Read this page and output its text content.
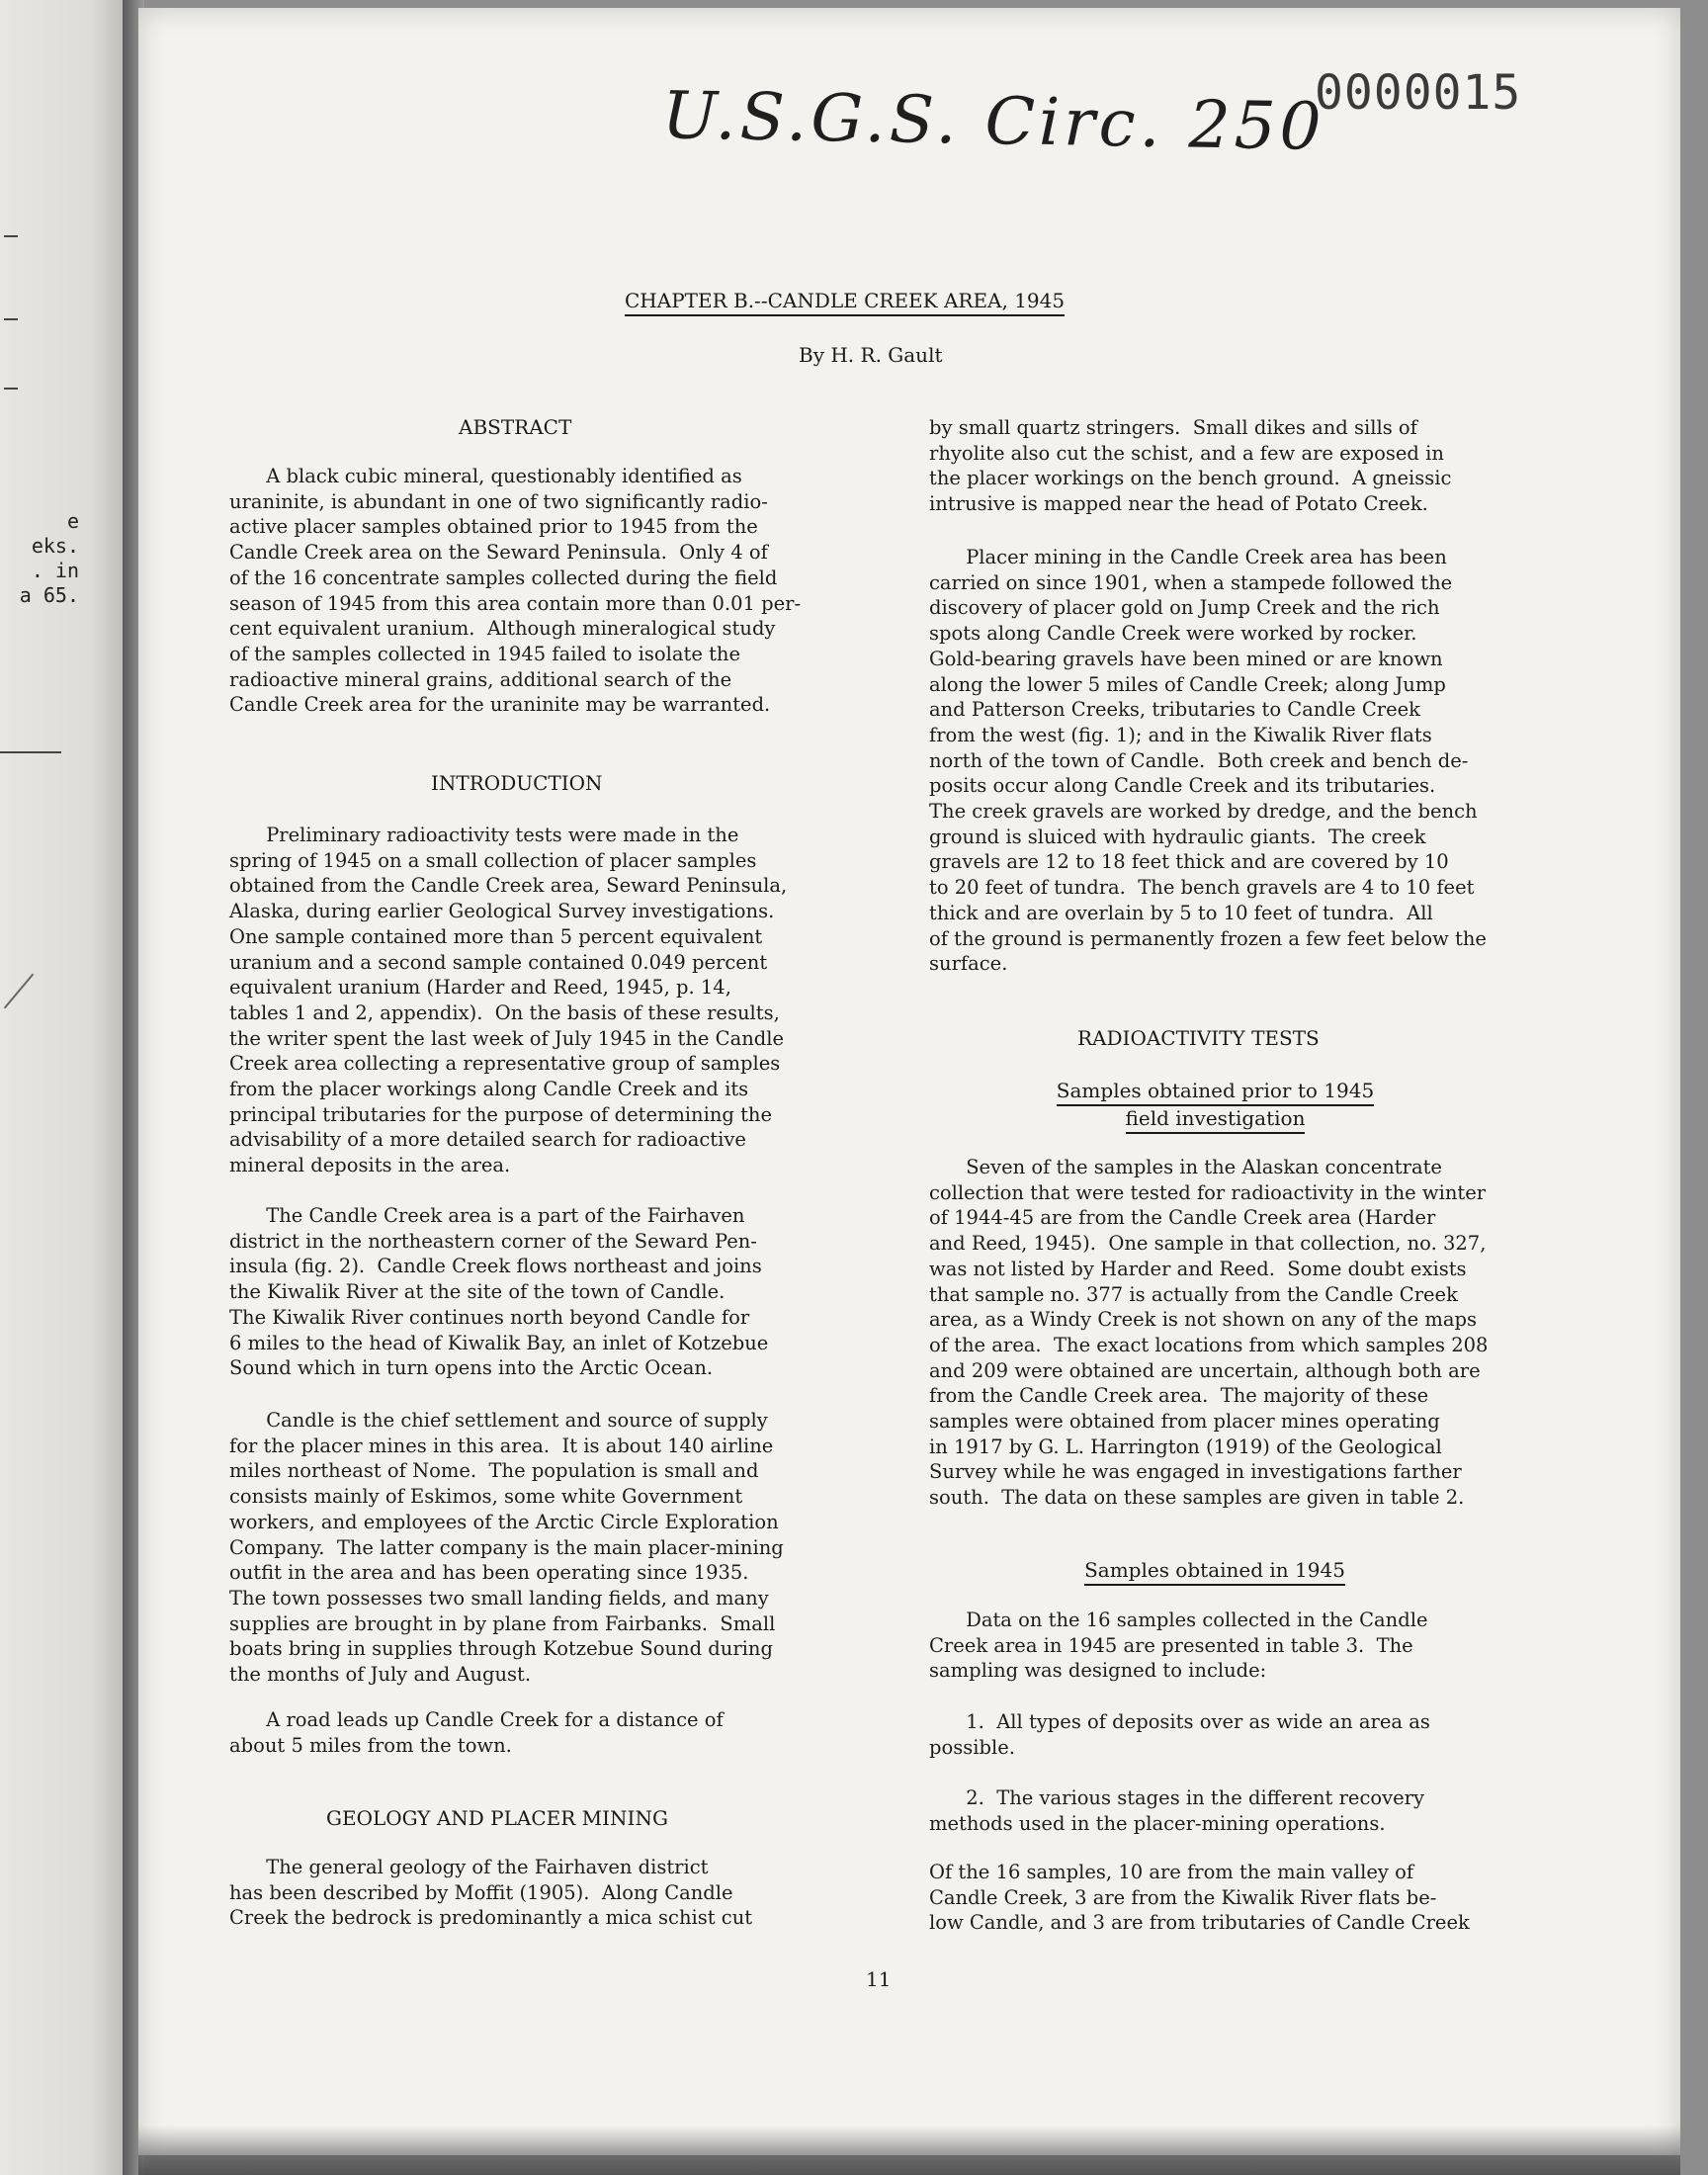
e
eks.
. in
a 65.
U.S.G.S. Circ. 250
0000015
CHAPTER B.--CANDLE CREEK AREA, 1945
By H. R. Gault
ABSTRACT

A black cubic mineral, questionably identified as
uraninite, is abundant in one of two significantly radio-
active placer samples obtained prior to 1945 from the
Candle Creek area on the Seward Peninsula.  Only 4 of
of the 16 concentrate samples collected during the field
season of 1945 from this area contain more than 0.01 per-
cent equivalent uranium.  Although mineralogical study
of the samples collected in 1945 failed to isolate the
radioactive mineral grains, additional search of the
Candle Creek area for the uraninite may be warranted.

INTRODUCTION

Preliminary radioactivity tests were made in the
spring of 1945 on a small collection of placer samples
obtained from the Candle Creek area, Seward Peninsula,
Alaska, during earlier Geological Survey investigations.
One sample contained more than 5 percent equivalent
uranium and a second sample contained 0.049 percent
equivalent uranium (Harder and Reed, 1945, p. 14,
tables 1 and 2, appendix).  On the basis of these results,
the writer spent the last week of July 1945 in the Candle
Creek area collecting a representative group of samples
from the placer workings along Candle Creek and its
principal tributaries for the purpose of determining the
advisability of a more detailed search for radioactive
mineral deposits in the area.

The Candle Creek area is a part of the Fairhaven
district in the northeastern corner of the Seward Pen-
insula (fig. 2).  Candle Creek flows northeast and joins
the Kiwalik River at the site of the town of Candle.
The Kiwalik River continues north beyond Candle for
6 miles to the head of Kiwalik Bay, an inlet of Kotzebue
Sound which in turn opens into the Arctic Ocean.

Candle is the chief settlement and source of supply
for the placer mines in this area.  It is about 140 airline
miles northeast of Nome.  The population is small and
consists mainly of Eskimos, some white Government
workers, and employees of the Arctic Circle Exploration
Company.  The latter company is the main placer-mining
outfit in the area and has been operating since 1935.
The town possesses two small landing fields, and many
supplies are brought in by plane from Fairbanks.  Small
boats bring in supplies through Kotzebue Sound during
the months of July and August.

A road leads up Candle Creek for a distance of
about 5 miles from the town.

GEOLOGY AND PLACER MINING

The general geology of the Fairhaven district
has been described by Moffit (1905).  Along Candle
Creek the bedrock is predominantly a mica schist cut

by small quartz stringers.  Small dikes and sills of
rhyolite also cut the schist, and a few are exposed in
the placer workings on the bench ground.  A gneissic
intrusive is mapped near the head of Potato Creek.

Placer mining in the Candle Creek area has been
carried on since 1901, when a stampede followed the
discovery of placer gold on Jump Creek and the rich
spots along Candle Creek were worked by rocker.
Gold-bearing gravels have been mined or are known
along the lower 5 miles of Candle Creek; along Jump
and Patterson Creeks, tributaries to Candle Creek
from the west (fig. 1); and in the Kiwalik River flats
north of the town of Candle.  Both creek and bench de-
posits occur along Candle Creek and its tributaries.
The creek gravels are worked by dredge, and the bench
ground is sluiced with hydraulic giants.  The creek
gravels are 12 to 18 feet thick and are covered by 10
to 20 feet of tundra.  The bench gravels are 4 to 10 feet
thick and are overlain by 5 to 10 feet of tundra.  All
of the ground is permanently frozen a few feet below the
surface.

RADIOACTIVITY TESTS
Samples obtained prior to 1945
field investigation

Seven of the samples in the Alaskan concentrate
collection that were tested for radioactivity in the winter
of 1944-45 are from the Candle Creek area (Harder
and Reed, 1945).  One sample in that collection, no. 327,
was not listed by Harder and Reed.  Some doubt exists
that sample no. 377 is actually from the Candle Creek
area, as a Windy Creek is not shown on any of the maps
of the area.  The exact locations from which samples 208
and 209 were obtained are uncertain, although both are
from the Candle Creek area.  The majority of these
samples were obtained from placer mines operating
in 1917 by G. L. Harrington (1919) of the Geological
Survey while he was engaged in investigations farther
south.  The data on these samples are given in table 2.

Samples obtained in 1945

Data on the 16 samples collected in the Candle
Creek area in 1945 are presented in table 3.  The
sampling was designed to include:

1.  All types of deposits over as wide an area as
possible.

2.  The various stages in the different recovery
methods used in the placer-mining operations.

Of the 16 samples, 10 are from the main valley of
Candle Creek, 3 are from the Kiwalik River flats be-
low Candle, and 3 are from tributaries of Candle Creek

11
